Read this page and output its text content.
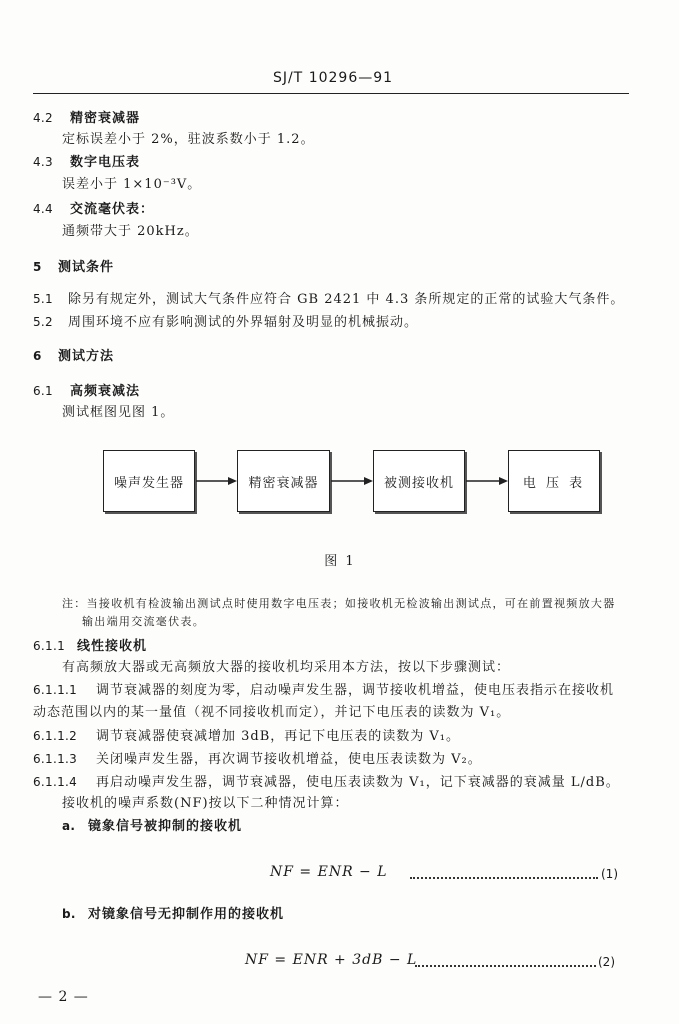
SJ/T 10296—91
4.2 精密衰减器
定标误差小于 2%，驻波系数小于 1.2。
4.3 数字电压表
误差小于 1×10⁻³V。
4.4 交流毫伏表：
通频带大于 20kHz。
5 测试条件
5.1 除另有规定外，测试大气条件应符合 GB 2421 中 4.3 条所规定的正常的试验大气条件。
5.2 周围环境不应有影响测试的外界辐射及明显的机械振动。
6 测试方法
6.1 高频衰减法
测试框图见图 1。
噪声发生器	精密衰减器	被测接收机	电 压 表
图 1
注：当接收机有检波输出测试点时使用数字电压表；如接收机无检波输出测试点，可在前置视频放大器
输出端用交流毫伏表。
6.1.1 线性接收机
有高频放大器或无高频放大器的接收机均采用本方法，按以下步骤测试：
6.1.1.1 调节衰减器的刻度为零，启动噪声发生器，调节接收机增益，使电压表指示在接收机
动态范围以内的某一量值（视不同接收机而定），并记下电压表的读数为 V₁。
6.1.1.2 调节衰减器使衰减增加 3dB，再记下电压表的读数为 V₁。
6.1.1.3 关闭噪声发生器，再次调节接收机增益，使电压表读数为 V₂。
6.1.1.4 再启动噪声发生器，调节衰减器，使电压表读数为 V₁，记下衰减器的衰减量 L/dB。
接收机的噪声系数(NF)按以下二种情况计算：
a. 镜象信号被抑制的接收机
NF = ENR − L	(1)
b. 对镜象信号无抑制作用的接收机
NF = ENR + 3dB − L	(2)
— 2 —
